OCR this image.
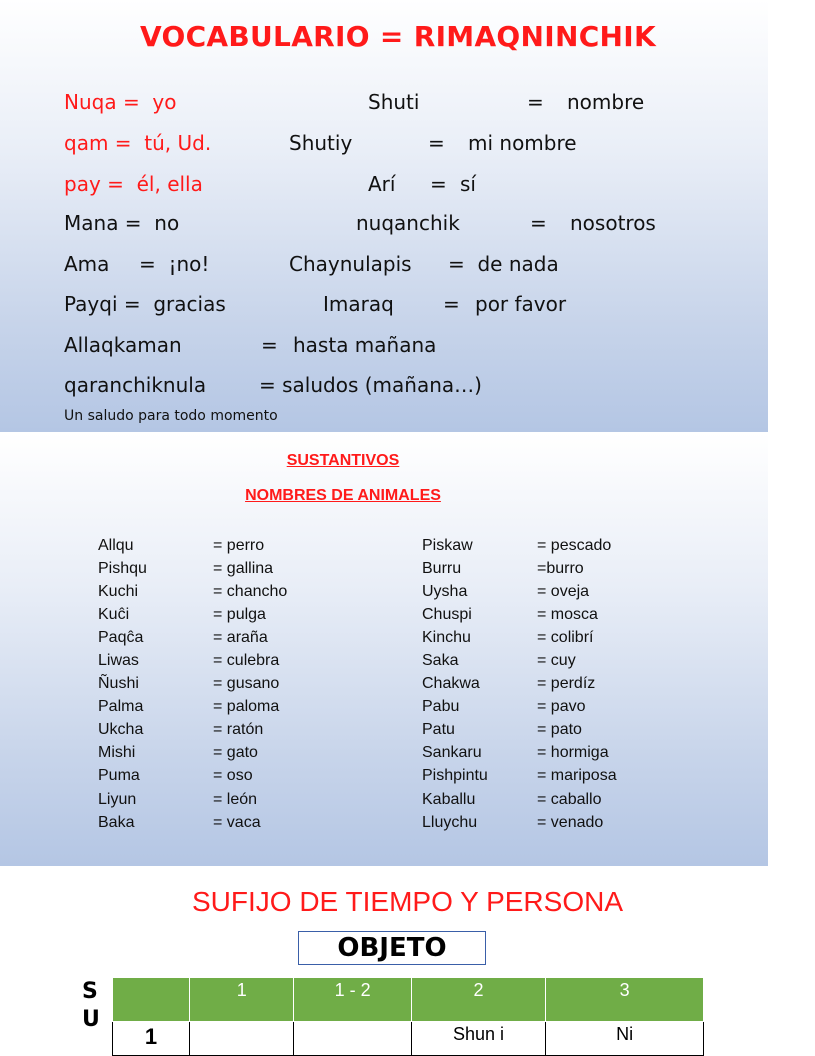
VOCABULARIO = RIMAQNINCHIK
Nuqa =  yo	Shuti	= nombre
qam =  tú, Ud.	Shutiy	= mi nombre
pay =  él, ella	Arí = sí
Mana =  no	nuqanchik	= nosotros
Ama =  ¡no!	Chaynulapis =  de nada
Payqi =  gracias	Imaraq = por favor
Allaqkaman	= hasta mañana
qaranchiknula	= saludos (mañana…)
Un saludo para todo momento
SUSTANTIVOS
NOMBRES DE ANIMALES
Allqu	= perro
Pishqu	= gallina
Kuchi	= chancho
Kuĉi	= pulga
Paqĉa	= araña
Liwas	= culebra
Ñushi	= gusano
Palma	= paloma
Ukcha	= ratón
Mishi	= gato
Puma	= oso
Liyun	= león
Baka	= vaca
Piskaw	= pescado
Burru	=burro
Uysha	= oveja
Chuspi	= mosca
Kinchu	= colibrí
Saka	= cuy
Chakwa	= perdíz
Pabu	= pavo
Patu	= pato
Sankaru	= hormiga
Pishpintu	= mariposa
Kaballu	= caballo
Lluychu	= venado
SUFIJO DE TIEMPO Y PERSONA
OBJETO
S
U
	1	1 - 2	2	3
1			Shun i	Ni
